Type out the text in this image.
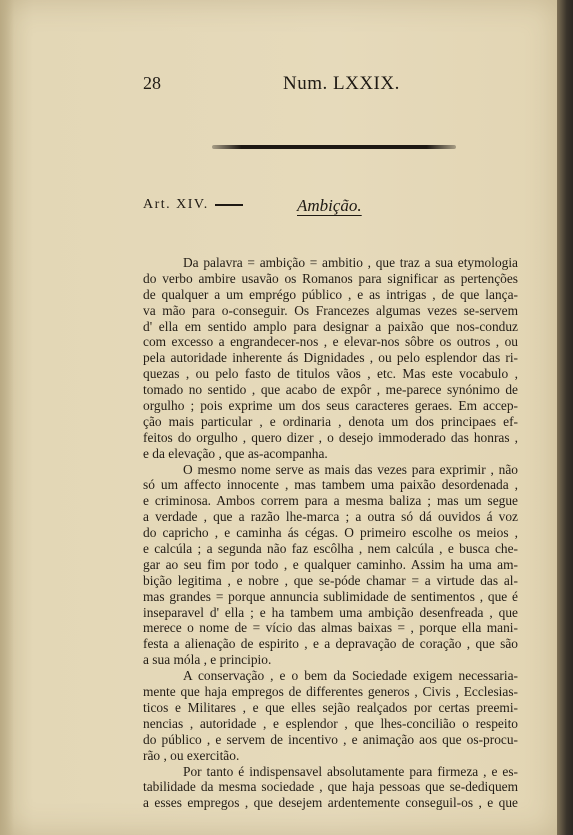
28	Num. LXXIX.
Art. XIV.	Ambição.
Da palavra = ambição = ambitio , que traz a sua etymologia
do verbo ambire usavão os Romanos para significar as pertenções
de qualquer a um emprégo público , e as intrigas , de que lança-
va mão para o-conseguir. Os Francezes algumas vezes se-servem
d' ella em sentido amplo para designar a paixão que nos-conduz
com excesso a engrandecer-nos , e elevar-nos sôbre os outros , ou
pela autoridade inherente ás Dignidades , ou pelo esplendor das ri-
quezas , ou pelo fasto de titulos vãos , etc. Mas este vocabulo ,
tomado no sentido , que acabo de expôr , me-parece synónimo de
orgulho ; pois exprime um dos seus caracteres geraes. Em accep-
ção mais particular , e ordinaria , denota um dos principaes ef-
feitos do orgulho , quero dizer , o desejo immoderado das honras ,
e da elevação , que as-acompanha.
O mesmo nome serve as mais das vezes para exprimir , não
só um affecto innocente , mas tambem uma paixão desordenada ,
e criminosa. Ambos correm para a mesma baliza ; mas um segue
a verdade , que a razão lhe-marca ; a outra só dá ouvidos á voz
do capricho , e caminha ás cégas. O primeiro escolhe os meios ,
e calcúla ; a segunda não faz escôlha , nem calcúla , e busca che-
gar ao seu fim por todo , e qualquer caminho. Assim ha uma am-
bição legitima , e nobre , que se-póde chamar = a virtude das al-
mas grandes = porque annuncia sublimidade de sentimentos , que é
inseparavel d' ella ; e ha tambem uma ambição desenfreada , que
merece o nome de = vício das almas baixas = , porque ella mani-
festa a alienação de espirito , e a depravação de coração , que são
a sua móla , e principio.
A conservação , e o bem da Sociedade exigem necessaria-
mente que haja empregos de differentes generos , Civis , Ecclesias-
ticos e Militares , e que elles sejão realçados por certas preemi-
nencias , autoridade , e esplendor , que lhes-concilião o respeito
do público , e servem de incentivo , e animação aos que os-procu-
rão , ou exercitão.
Por tanto é indispensavel absolutamente para firmeza , e es-
tabilidade da mesma sociedade , que haja pessoas que se-dediquem
a esses empregos , que desejem ardentemente conseguil-os , e que
